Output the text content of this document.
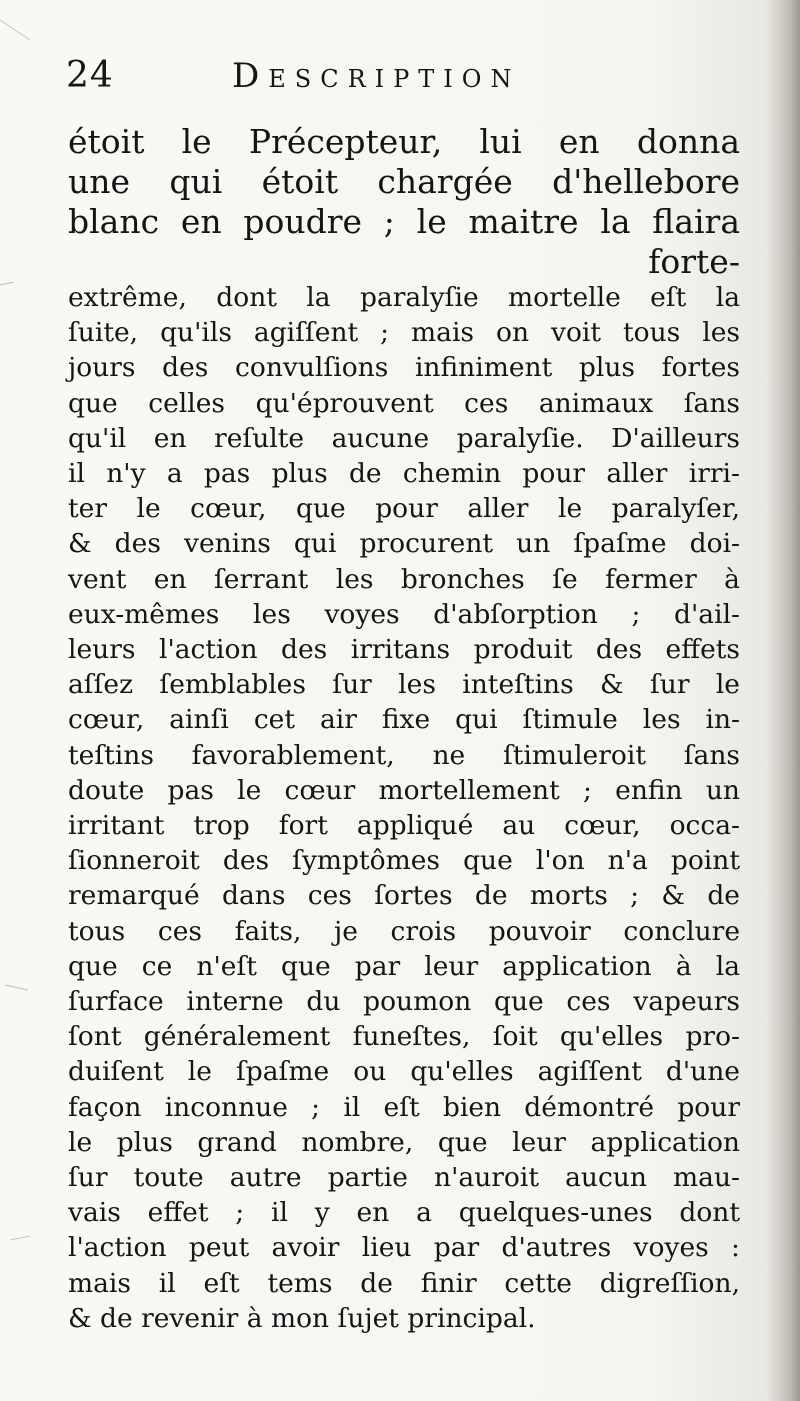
24	Description
étoit le Précepteur, lui en donna
une qui étoit chargée d'hellebore
blanc en poudre ; le maitre la flaira
forte-
extrême, dont la paralyſie mortelle eſt la
ſuite, qu'ils agiſſent ; mais on voit tous les
jours des convulſions infiniment plus fortes
que celles qu'éprouvent ces animaux ſans
qu'il en reſulte aucune paralyſie. D'ailleurs
il n'y a pas plus de chemin pour aller irri-
ter le cœur, que pour aller le paralyſer,
& des venins qui procurent un ſpaſme doi-
vent en ſerrant les bronches ſe fermer à
eux-mêmes les voyes d'abſorption ; d'ail-
leurs l'action des irritans produit des effets
aſſez ſemblables ſur les inteſtins & ſur le
cœur, ainſi cet air fixe qui ſtimule les in-
teſtins favorablement, ne ſtimuleroit ſans
doute pas le cœur mortellement ; enfin un
irritant trop fort appliqué au cœur, occa-
ſionneroit des ſymptômes que l'on n'a point
remarqué dans ces ſortes de morts ; & de
tous ces faits, je crois pouvoir conclure
que ce n'eſt que par leur application à la
ſurface interne du poumon que ces vapeurs
ſont généralement funeſtes, ſoit qu'elles pro-
duiſent le ſpaſme ou qu'elles agiſſent d'une
façon inconnue ; il eſt bien démontré pour
le plus grand nombre, que leur application
ſur toute autre partie n'auroit aucun mau-
vais effet ; il y en a quelques-unes dont
l'action peut avoir lieu par d'autres voyes :
mais il eſt tems de finir cette digreſſion,
& de revenir à mon ſujet principal.
